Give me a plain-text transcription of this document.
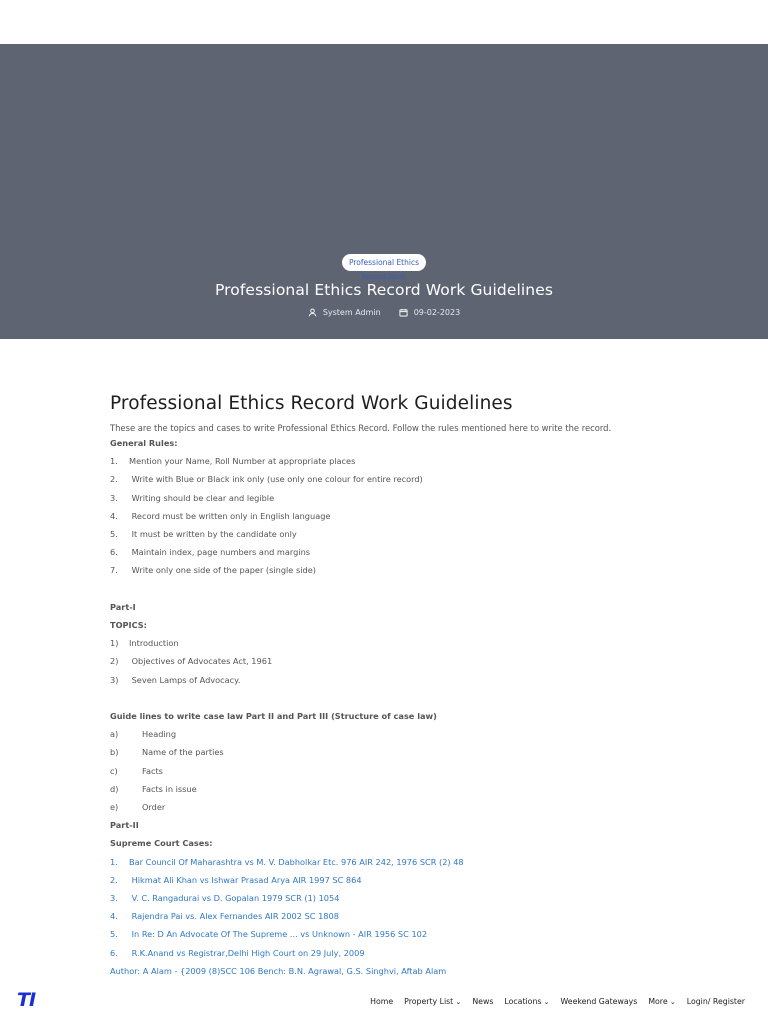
Professional Ethics
Record Work
Professional Ethics Record Work Guidelines
System Admin	09-02-2023
Professional Ethics Record Work Guidelines

These are the topics and cases to write Professional Ethics Record. Follow the rules mentioned here to write the record.

General Rules:
1. Mention your Name, Roll Number at appropriate places
2. Write with Blue or Black ink only (use only one colour for entire record)
3. Writing should be clear and legible
4. Record must be written only in English language
5. It must be written by the candidate only
6. Maintain index, page numbers and margins
7. Write only one side of the paper (single side)
Part-I
TOPICS:
1) Introduction
2) Objectives of Advocates Act, 1961
3) Seven Lamps of Advocacy.
Guide lines to write case law Part II and Part III (Structure of case law)
a)	Heading
b)	Name of the parties
c)	Facts
d)	Facts in issue
e)	Order
Part-II
Supreme Court Cases:
1. Bar Council Of Maharashtra vs M. V. Dabholkar Etc. 976 AIR 242, 1976 SCR (2) 48
2. Hikmat Ali Khan vs Ishwar Prasad Arya AIR 1997 SC 864
3. V. C. Rangadurai vs D. Gopalan 1979 SCR (1) 1054
4. Rajendra Pai vs. Alex Fernandes AIR 2002 SC 1808
5. In Re: D An Advocate Of The Supreme ... vs Unknown - AIR 1956 SC 102
6. R.K.Anand vs Registrar,Delhi High Court on 29 July, 2009
Author: A Alam - {2009 (8)SCC 106 Bench: B.N. Agrawal, G.S. Singhvi, Aftab Alam
TI	Home Property List ⌄	News Locations ⌄	Weekend Gateways More ⌄	Login/ Register
